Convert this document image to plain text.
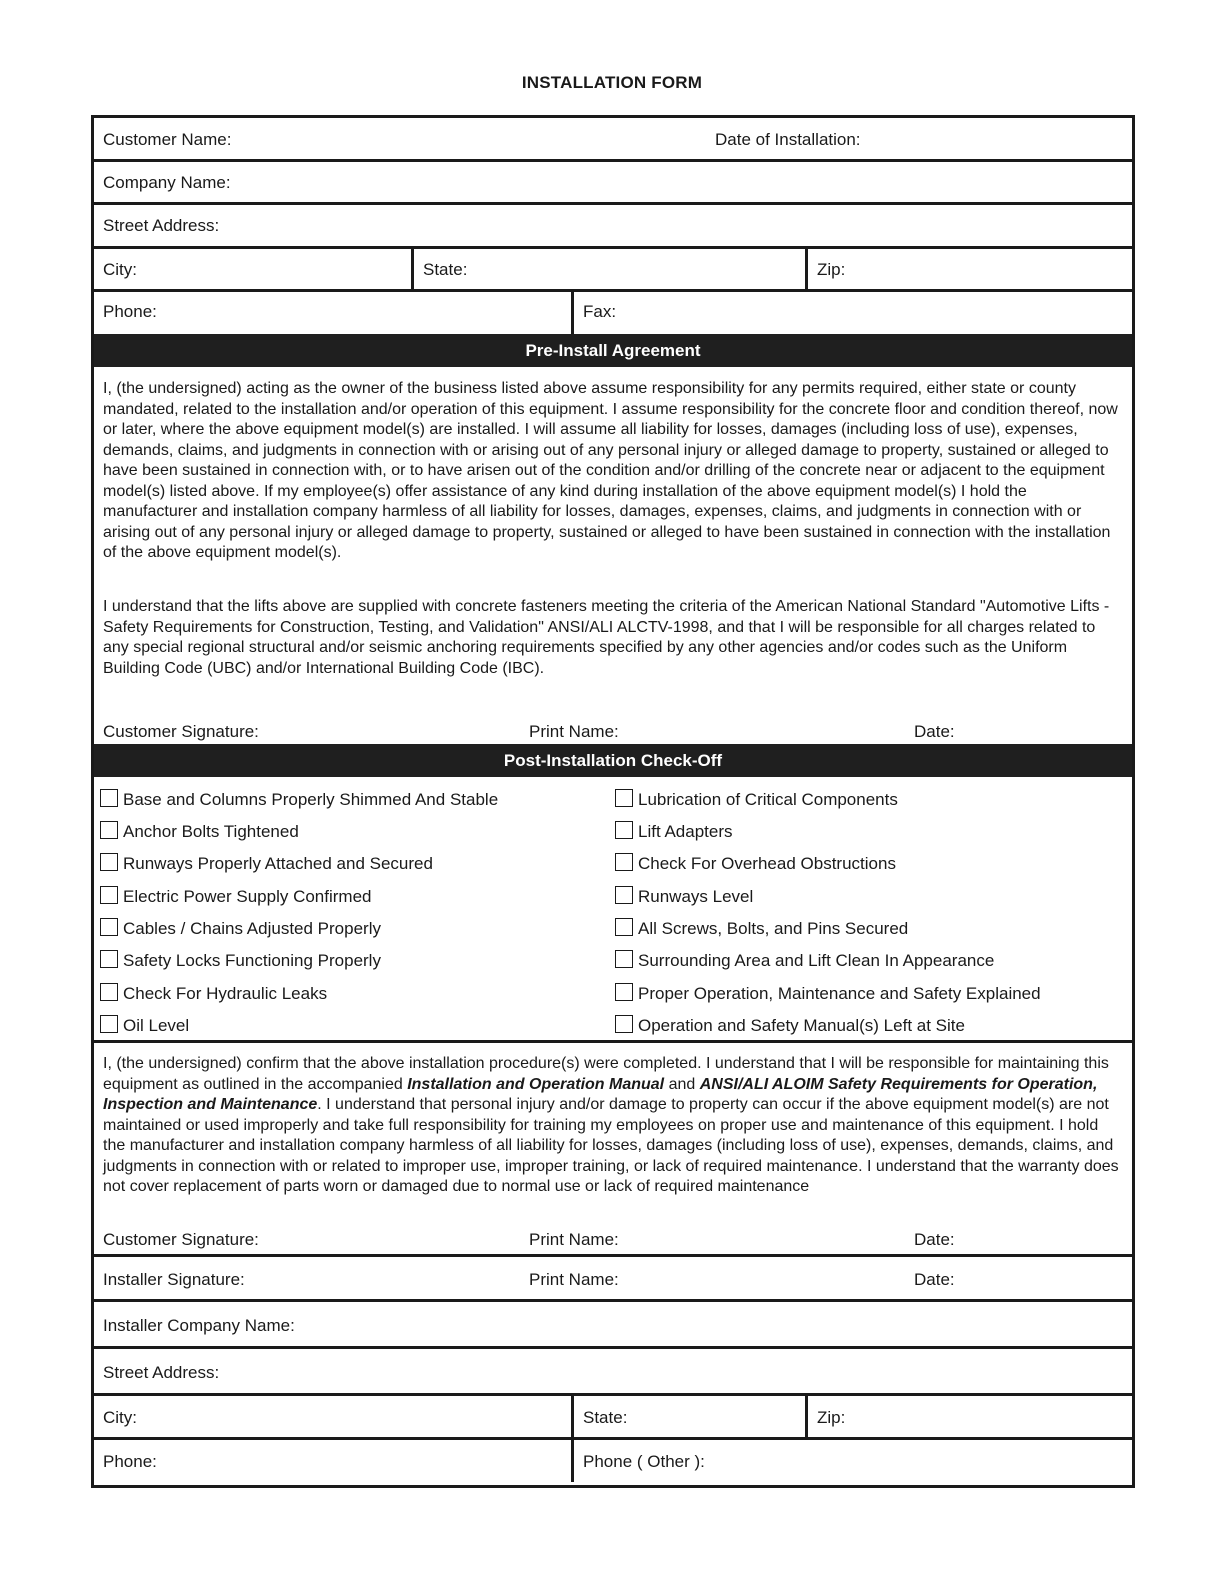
INSTALLATION FORM
Customer Name:	Date of Installation:
Company Name:
Street Address:
City:	State:	Zip:
Phone:	Fax:
Pre-Install Agreement
I, (the undersigned) acting as the owner of the business listed above assume responsibility for any permits required, either state or county mandated, related to the installation and/or operation of this equipment. I assume responsibility for the concrete floor and condition thereof, now or later, where the above equipment model(s) are installed. I will assume all liability for losses, damages (including loss of use), expenses, demands, claims, and judgments in connection with or arising out of any personal injury or alleged damage to property, sustained or alleged to have been sustained in connection with, or to have arisen out of the condition and/or drilling of the concrete near or adjacent to the equipment model(s) listed above. If my employee(s) offer assistance of any kind during installation of the above equipment model(s) I hold the manufacturer and installation company harmless of all liability for losses, damages, expenses, claims, and judgments in connection with or arising out of any personal injury or alleged damage to property, sustained or alleged to have been sustained in connection with the installation of the above equipment model(s).
I understand that the lifts above are supplied with concrete fasteners meeting the criteria of the American National Standard "Automotive Lifts - Safety Requirements for Construction, Testing, and Validation" ANSI/ALI ALCTV-1998, and that I will be responsible for all charges related to any special regional structural and/or seismic anchoring requirements specified by any other agencies and/or codes such as the Uniform Building Code (UBC) and/or International Building Code (IBC).
Customer Signature:	Print Name:	Date:
Post-Installation Check-Off
Base and Columns Properly Shimmed And Stable
Anchor Bolts Tightened
Runways Properly Attached and Secured
Electric Power Supply Confirmed
Cables / Chains Adjusted Properly
Safety Locks Functioning Properly
Check For Hydraulic Leaks
Oil Level
Lubrication of Critical Components
Lift Adapters
Check For Overhead Obstructions
Runways Level
All Screws, Bolts, and Pins Secured
Surrounding Area and Lift Clean In Appearance
Proper Operation, Maintenance and Safety Explained
Operation and Safety Manual(s) Left at Site
I, (the undersigned) confirm that the above installation procedure(s) were completed. I understand that I will be responsible for maintaining this equipment as outlined in the accompanied Installation and Operation Manual and ANSI/ALI ALOIM Safety Requirements for Operation, Inspection and Maintenance. I understand that personal injury and/or damage to property can occur if the above equipment model(s) are not maintained or used improperly and take full responsibility for training my employees on proper use and maintenance of this equipment. I hold the manufacturer and installation company harmless of all liability for losses, damages (including loss of use), expenses, demands, claims, and judgments in connection with or related to improper use, improper training, or lack of required maintenance. I understand that the warranty does not cover replacement of parts worn or damaged due to normal use or lack of required maintenance
Customer Signature:	Print Name:	Date:
Installer Signature:	Print Name:	Date:
Installer Company Name:
Street Address:
City:	State:	Zip:
Phone:	Phone ( Other ):
